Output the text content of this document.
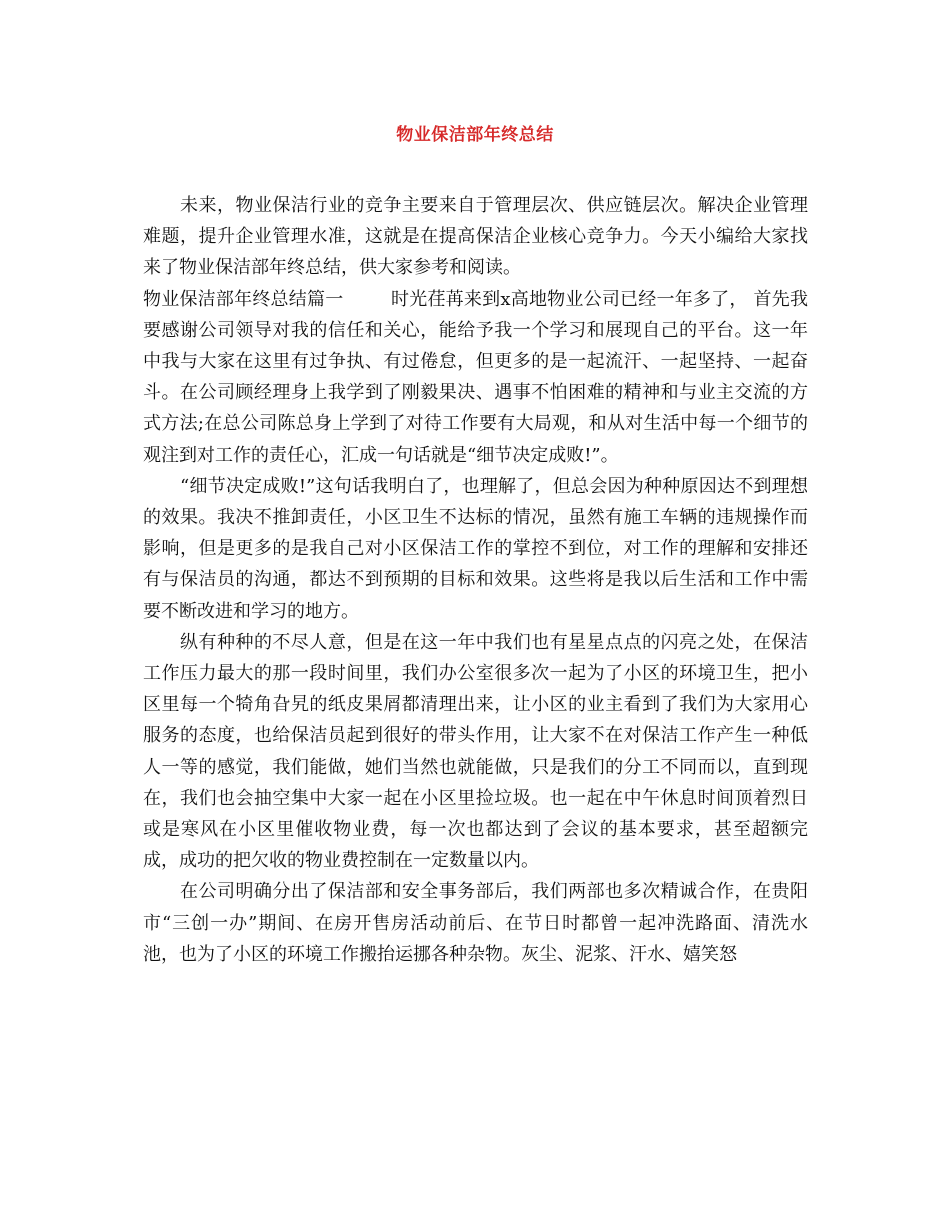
物业保洁部年终总结

未来，物业保洁行业的竞争主要来自于管理层次、供应链层次。解决企业管理难题，提升企业管理水准，这就是在提高保洁企业核心竞争力。今天小编给大家找来了物业保洁部年终总结，供大家参考和阅读。

物业保洁部年终总结篇一	时光荏苒来到x高地物业公司已经一年多了， 首先我要感谢公司领导对我的信任和关心，能给予我一个学习和展现自己的平台。这一年中我与大家在这里有过争执、有过倦怠，但更多的是一起流汗、一起坚持、一起奋斗。在公司顾经理身上我学到了刚毅果决、遇事不怕困难的精神和与业主交流的方式方法;在总公司陈总身上学到了对待工作要有大局观，和从对生活中每一个细节的观注到对工作的责任心，汇成一句话就是“细节决定成败!”。

“细节决定成败!”这句话我明白了，也理解了，但总会因为种种原因达不到理想的效果。我决不推卸责任，小区卫生不达标的情况，虽然有施工车辆的违规操作而影响，但是更多的是我自己对小区保洁工作的掌控不到位，对工作的理解和安排还有与保洁员的沟通，都达不到预期的目标和效果。这些将是我以后生活和工作中需要不断改进和学习的地方。

纵有种种的不尽人意，但是在这一年中我们也有星星点点的闪亮之处，在保洁工作压力最大的那一段时间里，我们办公室很多次一起为了小区的环境卫生，把小区里每一个犄角旮旯的纸皮果屑都清理出来，让小区的业主看到了我们为大家用心服务的态度，也给保洁员起到很好的带头作用，让大家不在对保洁工作产生一种低人一等的感觉，我们能做，她们当然也就能做，只是我们的分工不同而以，直到现在，我们也会抽空集中大家一起在小区里捡垃圾。也一起在中午休息时间顶着烈日或是寒风在小区里催收物业费，每一次也都达到了会议的基本要求，甚至超额完成，成功的把欠收的物业费控制在一定数量以内。

在公司明确分出了保洁部和安全事务部后，我们两部也多次精诚合作，在贵阳市“三创一办”期间、在房开售房活动前后、在节日时都曾一起冲洗路面、清洗水池，也为了小区的环境工作搬抬运挪各种杂物。灰尘、泥浆、汗水、嬉笑怒
